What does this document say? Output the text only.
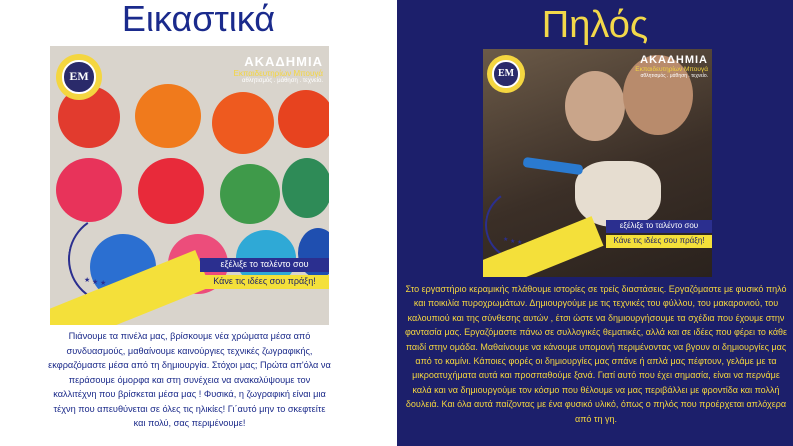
Εικαστικά
ΕΜ
ΑΚΑΔΗΜΙΑ
Εκπαιδευτηρίων Μπουγά
αθλητισμός . μάθηση . τεχνείο.
★ ★ ★
εξέλιξε το ταλέντο σου
Κάνε τις ιδέες σου πράξη!

Πιάνουμε τα πινέλα μας, βρίσκουμε νέα χρώματα μέσα από συνδυασμούς, μαθαίνουμε καινούργιες τεχνικές ζωγραφικής, εκφραζόμαστε μέσα από τη δημιουργία. Στόχοι μας; Πρώτα απ'όλα να περάσουμε όμορφα και στη συνέχεια να ανακαλύψουμε τον καλλιτέχνη που βρίσκεται μέσα μας ! Φυσικά, η ζωγραφική είναι μια τέχνη που απευθύνεται σε όλες τις ηλικίες! Γι΄αυτό μην το σκεφτείτε και πολύ, σας περιμένουμε!

Πηλός
ΕΜ
ΑΚΑΔΗΜΙΑ
Εκπαιδευτηρίων Μπουγά
αθλητισμός . μάθηση . τεχνείο.
★ ★ ★
εξέλιξε το ταλέντο σου
Κάνε τις ιδέες σου πράξη!

Στο εργαστήριο κεραμικής πλάθουμε ιστορίες σε τρείς διαστάσεις. Εργαζόμαστε με φυσικό πηλό και ποικιλία πυροχρωμάτων. Δημιουργούμε με τις τεχνικές του φύλλου, του μακαρονιού, του καλουπιού και της σύνθεσης αυτών , έτσι ώστε να δημιουργήσουμε τα σχέδια που έχουμε στην φαντασία μας. Εργαζόμαστε πάνω σε συλλογικές θεματικές, αλλά και σε ιδέες που φέρει το κάθε παιδί στην ομάδα. Μαθαίνουμε να κάνουμε υπομονή περιμένοντας να βγουν οι δημιουργίες μας από το καμίνι. Κάποιες φορές οι δημιουργίες μας σπάνε ή απλά μας πέφτουν, γελάμε με τα μικροατυχήματα αυτά και προσπαθούμε ξανά. Γιατί αυτό που έχει σημασία, είναι να περνάμε καλά και να δημιουργούμε τον κόσμο που θέλουμε να μας περιβάλλει με φροντίδα και πολλή δουλειά. Και όλα αυτά παίζοντας με ένα φυσικό υλικό, όπως ο πηλός που προέρχεται απλόχερα από τη γη.
